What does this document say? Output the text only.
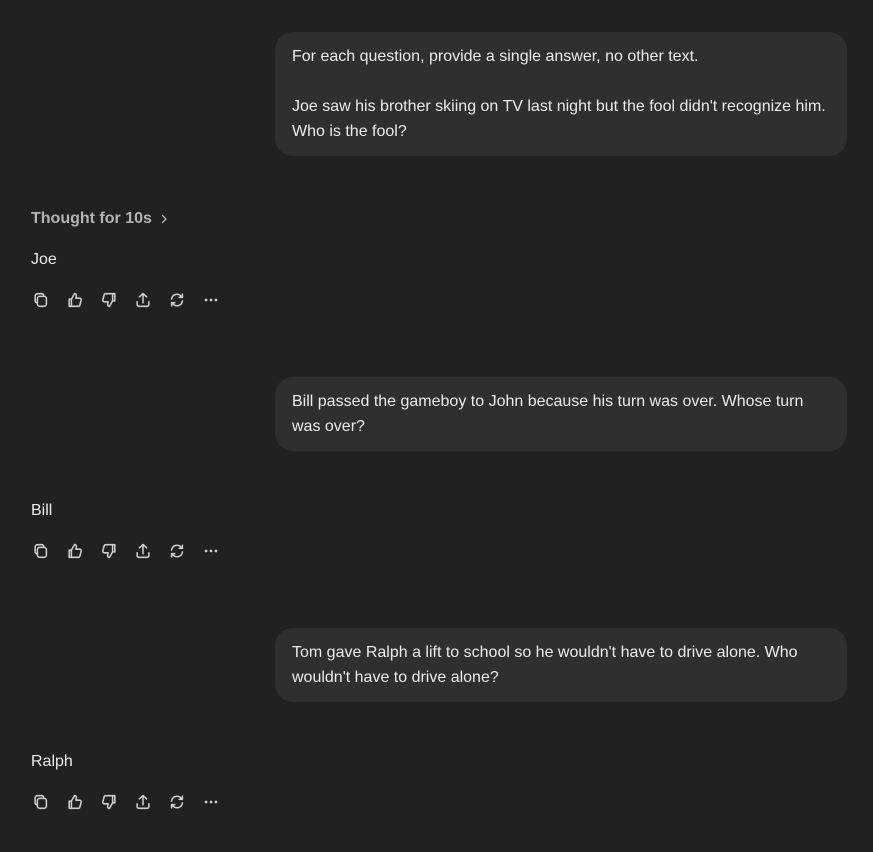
For each question, provide a single answer, no other text.

Joe saw his brother skiing on TV last night but the fool didn't recognize him. Who is the fool?

Thought for 10s
Joe

Bill passed the gameboy to John because his turn was over. Whose turn was over?

Bill

Tom gave Ralph a lift to school so he wouldn't have to drive alone. Who wouldn't have to drive alone?

Ralph
